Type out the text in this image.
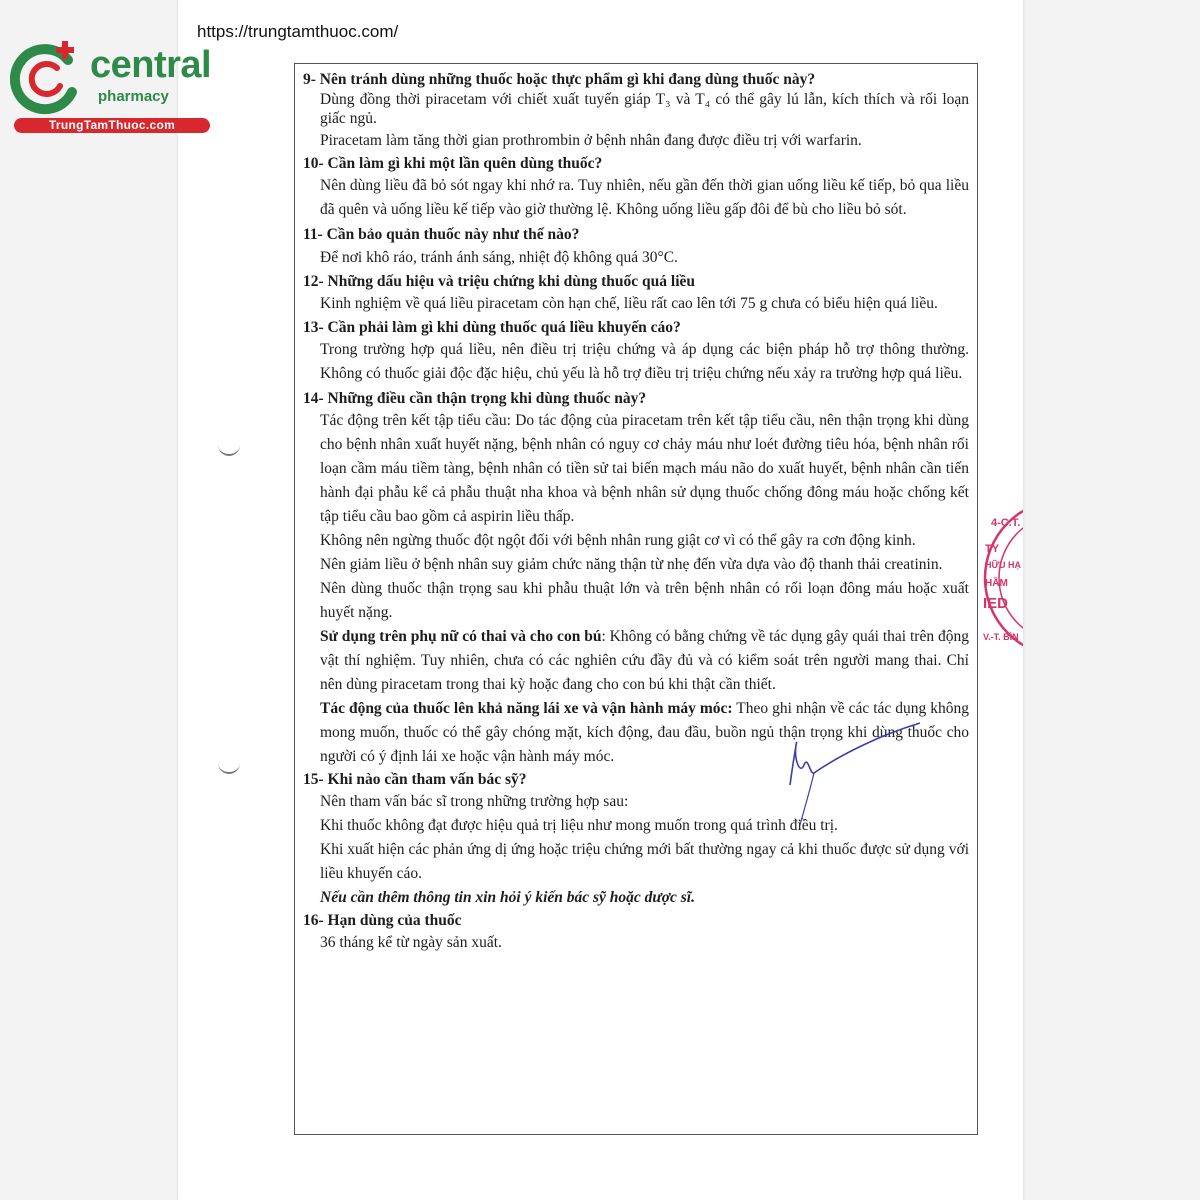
https://trungtamthuoc.com/
central
pharmacy
TrungTamThuoc.com

9- Nên tránh dùng những thuốc hoặc thực phẩm gì khi đang dùng thuốc này?

Dùng đồng thời piracetam với chiết xuất tuyến giáp T₃ và T₄ có thể gây lú lẫn, kích thích và rối loạn giấc ngủ.

Piracetam làm tăng thời gian prothrombin ở bệnh nhân đang được điều trị với warfarin.

10- Cần làm gì khi một lần quên dùng thuốc?

Nên dùng liều đã bỏ sót ngay khi nhớ ra. Tuy nhiên, nếu gần đến thời gian uống liều kế tiếp, bỏ qua liều đã quên và uống liều kế tiếp vào giờ thường lệ. Không uống liều gấp đôi để bù cho liều bỏ sót.

11- Cần bảo quản thuốc này như thế nào?

Để nơi khô ráo, tránh ánh sáng, nhiệt độ không quá 30°C.

12- Những dấu hiệu và triệu chứng khi dùng thuốc quá liều

Kinh nghiệm về quá liều piracetam còn hạn chế, liều rất cao lên tới 75 g chưa có biểu hiện quá liều.

13- Cần phải làm gì khi dùng thuốc quá liều khuyến cáo?

Trong trường hợp quá liều, nên điều trị triệu chứng và áp dụng các biện pháp hỗ trợ thông thường. Không có thuốc giải độc đặc hiệu, chủ yếu là hỗ trợ điều trị triệu chứng nếu xảy ra trường hợp quá liều.

14- Những điều cần thận trọng khi dùng thuốc này?

Tác động trên kết tập tiểu cầu: Do tác động của piracetam trên kết tập tiểu cầu, nên thận trọng khi dùng cho bệnh nhân xuất huyết nặng, bệnh nhân có nguy cơ chảy máu như loét đường tiêu hóa, bệnh nhân rối loạn cầm máu tiềm tàng, bệnh nhân có tiền sử tai biến mạch máu não do xuất huyết, bệnh nhân cần tiến hành đại phẫu kể cả phẫu thuật nha khoa và bệnh nhân sử dụng thuốc chống đông máu hoặc chống kết tập tiểu cầu bao gồm cả aspirin liều thấp.

Không nên ngừng thuốc đột ngột đối với bệnh nhân rung giật cơ vì có thể gây ra cơn động kinh.

Nên giảm liều ở bệnh nhân suy giảm chức năng thận từ nhẹ đến vừa dựa vào độ thanh thải creatinin.

Nên dùng thuốc thận trọng sau khi phẫu thuật lớn và trên bệnh nhân có rối loạn đông máu hoặc xuất huyết nặng.

Sử dụng trên phụ nữ có thai và cho con bú: Không có bằng chứng về tác dụng gây quái thai trên động vật thí nghiệm. Tuy nhiên, chưa có các nghiên cứu đầy đủ và có kiểm soát trên người mang thai. Chỉ nên dùng piracetam trong thai kỳ hoặc đang cho con bú khi thật cần thiết.

Tác động của thuốc lên khả năng lái xe và vận hành máy móc: Theo ghi nhận về các tác dụng không mong muốn, thuốc có thể gây chóng mặt, kích động, đau đầu, buồn ngủ thận trọng khi dùng thuốc cho người có ý định lái xe hoặc vận hành máy móc.

15- Khi nào cần tham vấn bác sỹ?

Nên tham vấn bác sĩ trong những trường hợp sau:

Khi thuốc không đạt được hiệu quả trị liệu như mong muốn trong quá trình điều trị.

Khi xuất hiện các phản ứng dị ứng hoặc triệu chứng mới bất thường ngay cả khi thuốc được sử dụng với liều khuyến cáo.

Nếu cần thêm thông tin xin hỏi ý kiến bác sỹ hoặc dược sĩ.

16- Hạn dùng của thuốc

36 tháng kể từ ngày sản xuất.

4-C.T.
TY
HỮU HẠ
HẦM
IED
V.-T. BÌN
